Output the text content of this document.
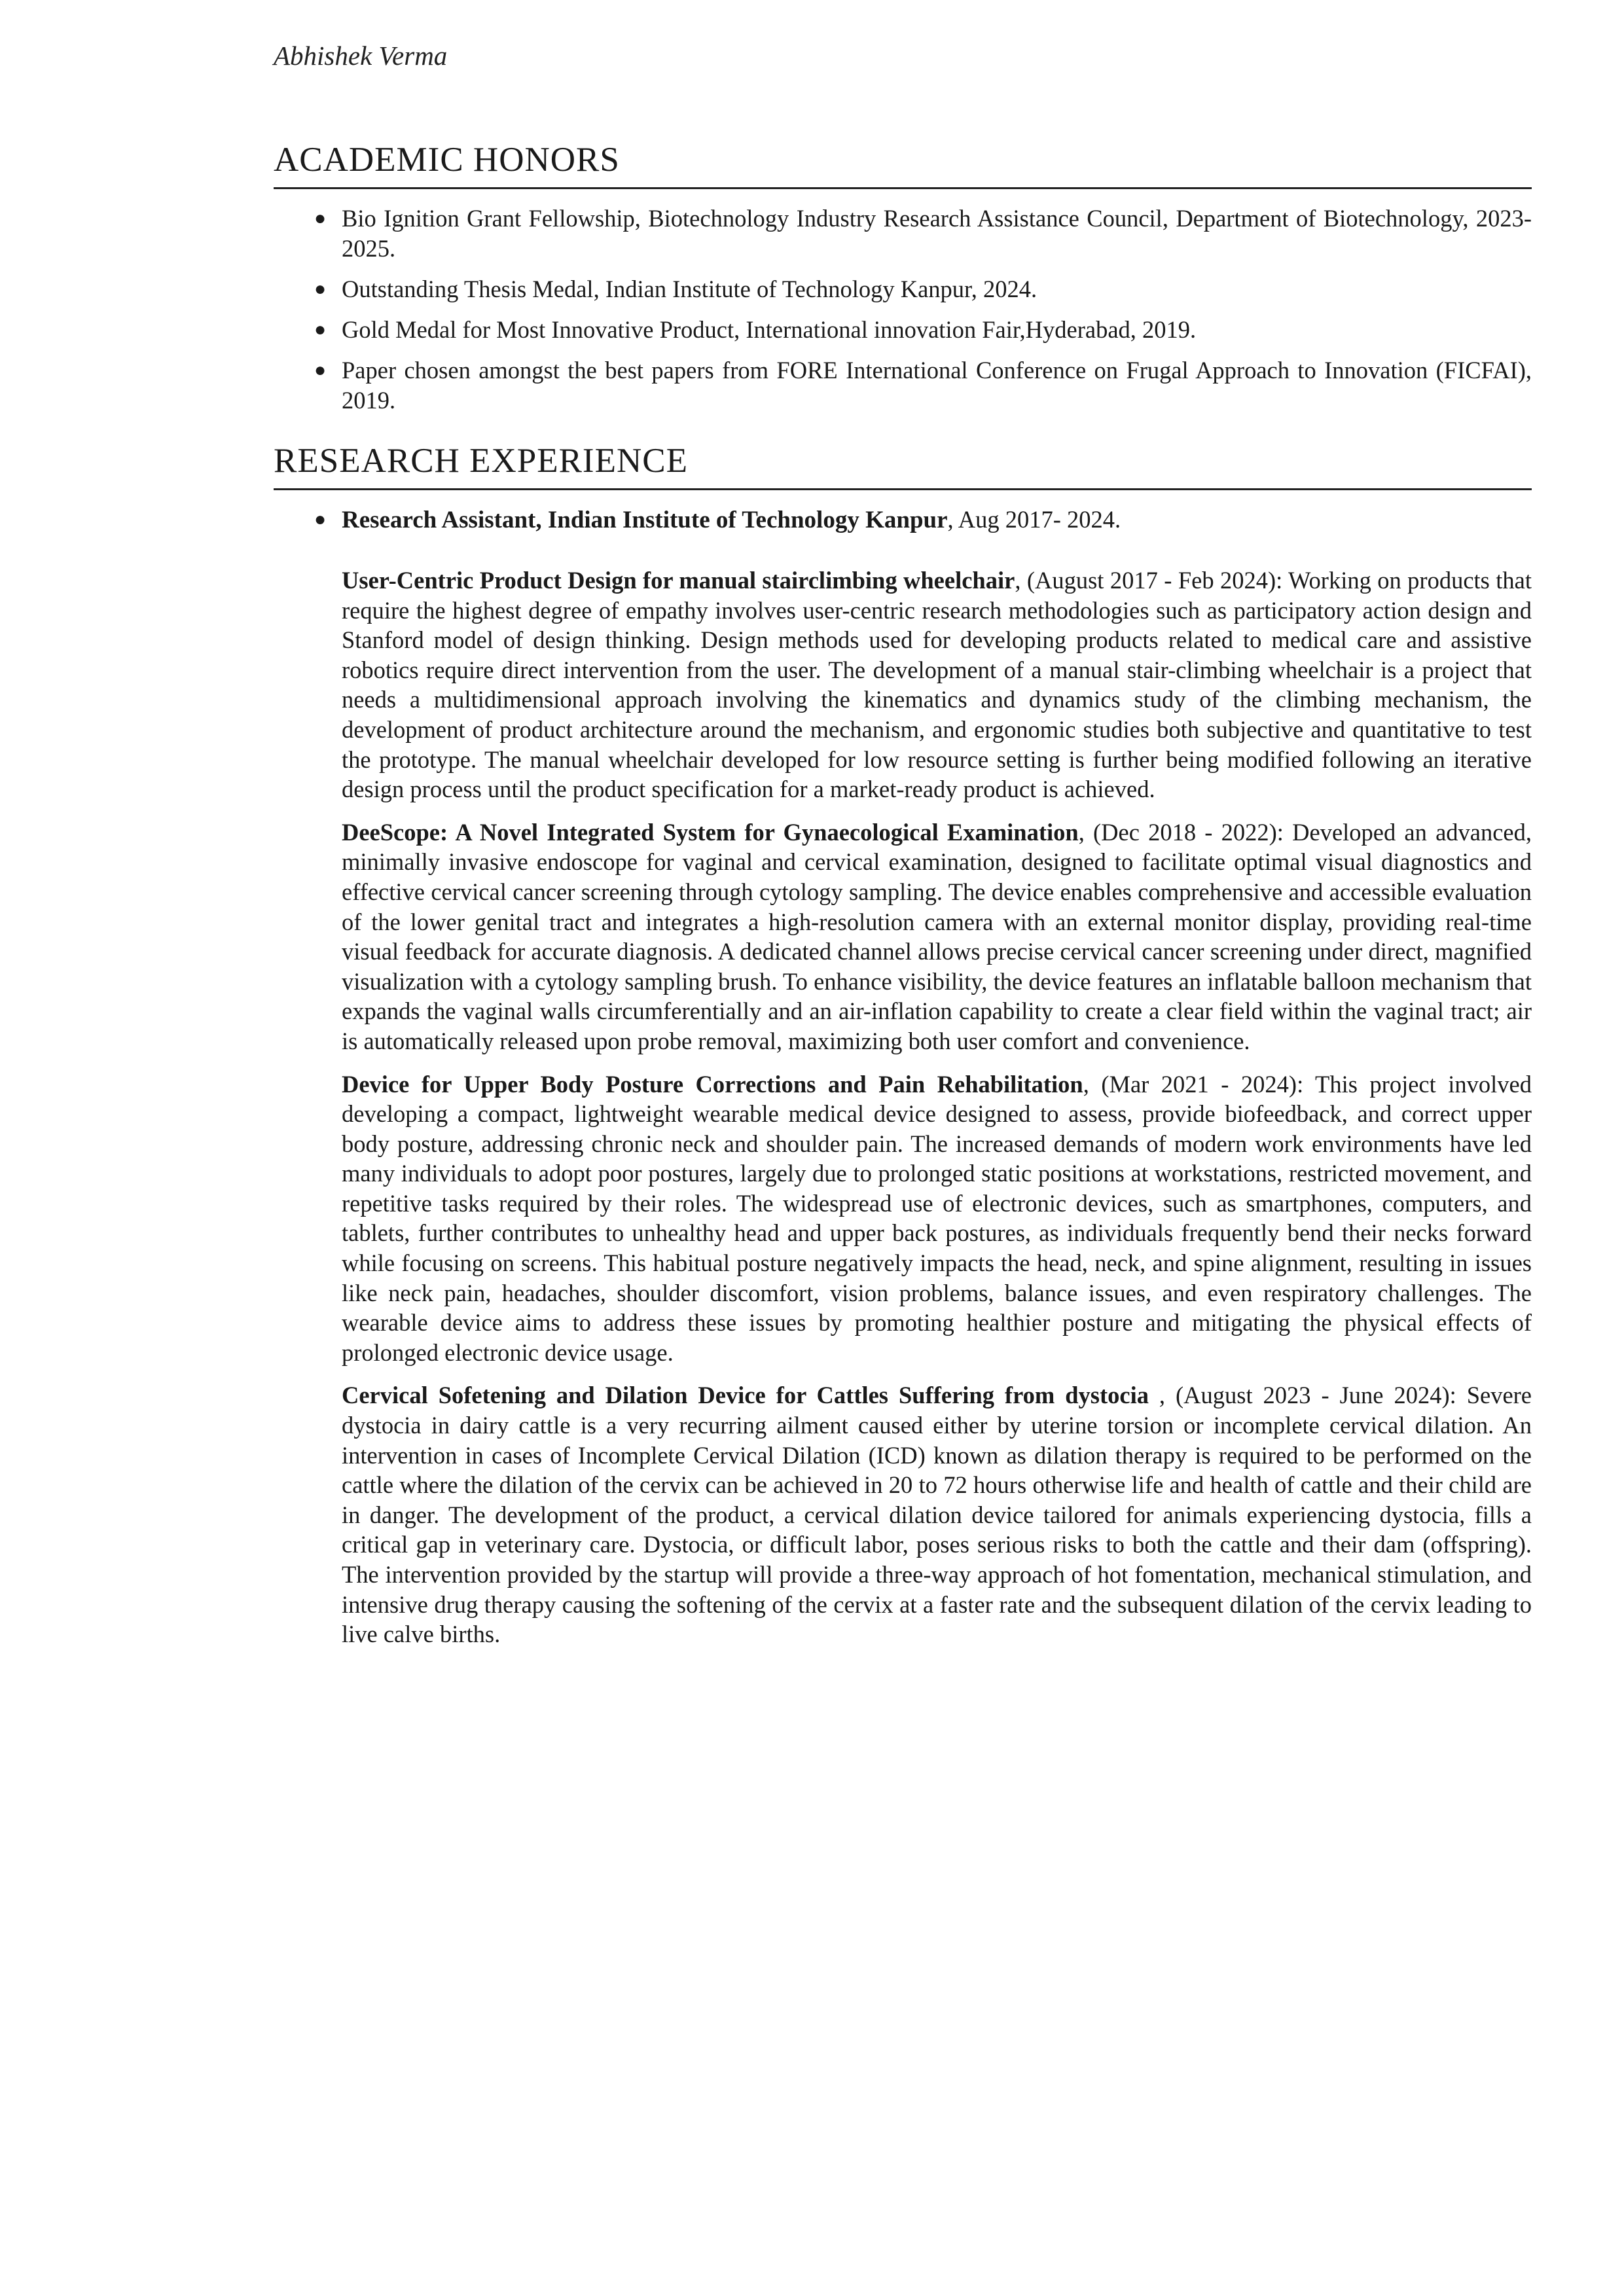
Abhishek Verma
ACADEMIC HONORS
● Bio Ignition Grant Fellowship, Biotechnology Industry Research Assistance Council, Department of Biotechnology, 2023-2025.
● Outstanding Thesis Medal, Indian Institute of Technology Kanpur, 2024.
● Gold Medal for Most Innovative Product, International innovation Fair,Hyderabad, 2019.
● Paper chosen amongst the best papers from FORE International Conference on Frugal Approach to Innovation (FICFAI), 2019.
RESEARCH EXPERIENCE
● Research Assistant, Indian Institute of Technology Kanpur, Aug 2017- 2024.

User-Centric Product Design for manual stairclimbing wheelchair, (August 2017 - Feb 2024): Working on products that require the highest degree of empathy involves user-centric research methodologies such as participatory action design and Stanford model of design thinking. Design methods used for developing products related to medical care and assistive robotics require direct intervention from the user. The development of a manual stair-climbing wheelchair is a project that needs a multidimensional approach involving the kinematics and dynamics study of the climbing mechanism, the development of product architecture around the mechanism, and ergonomic studies both subjective and quantitative to test the prototype. The manual wheelchair developed for low resource setting is further being modified following an iterative design process until the product specification for a market-ready product is achieved.

DeeScope: A Novel Integrated System for Gynaecological Examination, (Dec 2018 - 2022): Developed an advanced, minimally invasive endoscope for vaginal and cervical examination, designed to facilitate optimal visual diagnostics and effective cervical cancer screening through cytology sampling. The device enables comprehensive and accessible evaluation of the lower genital tract and integrates a high-resolution camera with an external monitor display, providing real-time visual feedback for accurate diagnosis. A dedicated channel allows precise cervical cancer screening under direct, magnified visualization with a cytology sampling brush. To enhance visibility, the device features an inflatable balloon mechanism that expands the vaginal walls circumferentially and an air-inflation capability to create a clear field within the vaginal tract; air is automatically released upon probe removal, maximizing both user comfort and convenience.

Device for Upper Body Posture Corrections and Pain Rehabilitation, (Mar 2021 - 2024): This project involved developing a compact, lightweight wearable medical device designed to assess, provide biofeedback, and correct upper body posture, addressing chronic neck and shoulder pain. The increased demands of modern work environments have led many individuals to adopt poor postures, largely due to prolonged static positions at workstations, restricted movement, and repetitive tasks required by their roles. The widespread use of electronic devices, such as smartphones, computers, and tablets, further contributes to unhealthy head and upper back postures, as individuals frequently bend their necks forward while focusing on screens. This habitual posture negatively impacts the head, neck, and spine alignment, resulting in issues like neck pain, headaches, shoulder discomfort, vision problems, balance issues, and even respiratory challenges. The wearable device aims to address these issues by promoting healthier posture and mitigating the physical effects of prolonged electronic device usage.

Cervical Sofetening and Dilation Device for Cattles Suffering from dystocia , (August 2023 - June 2024): Severe dystocia in dairy cattle is a very recurring ailment caused either by uterine torsion or incomplete cervical dilation. An intervention in cases of Incomplete Cervical Dilation (ICD) known as dilation therapy is required to be performed on the cattle where the dilation of the cervix can be achieved in 20 to 72 hours otherwise life and health of cattle and their child are in danger. The development of the product, a cervical dilation device tailored for animals experiencing dystocia, fills a critical gap in veterinary care. Dystocia, or difficult labor, poses serious risks to both the cattle and their dam (offspring). The intervention provided by the startup will provide a three-way approach of hot fomentation, mechanical stimulation, and intensive drug therapy causing the softening of the cervix at a faster rate and the subsequent dilation of the cervix leading to live calve births.
